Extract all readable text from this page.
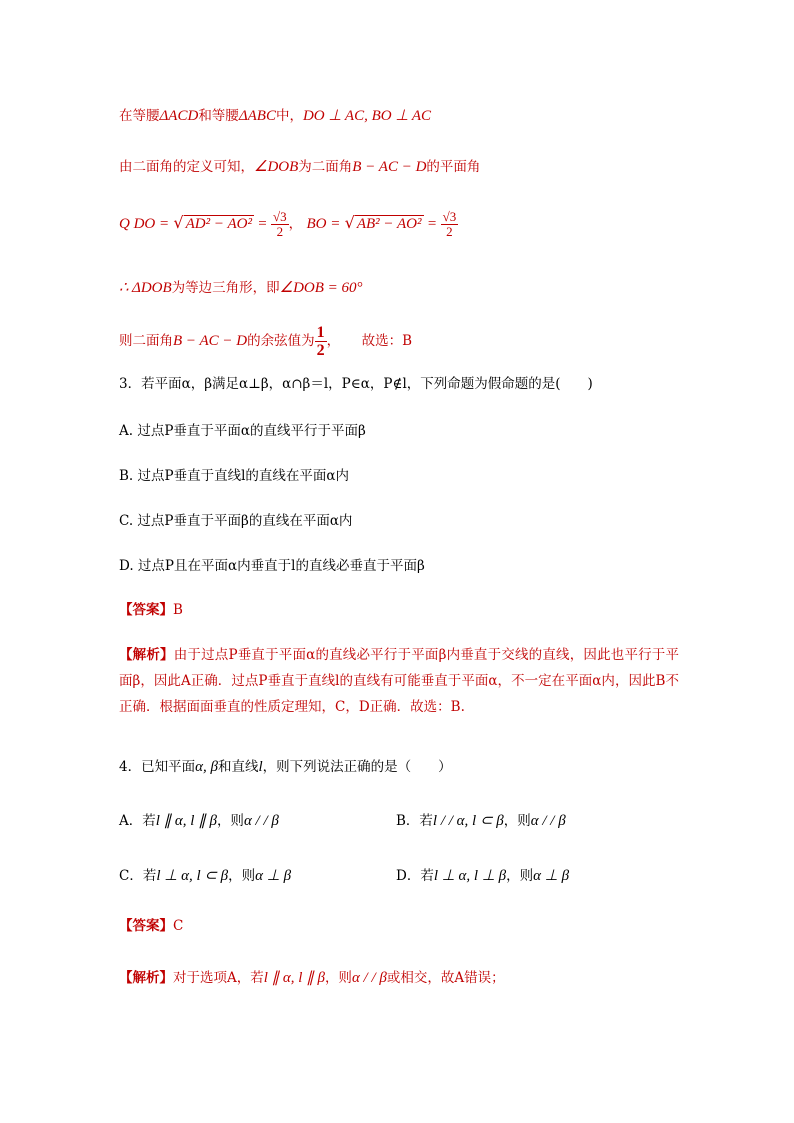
在等腰ΔACD和等腰ΔABC中，DO ⊥ AC, BO ⊥ AC
由二面角的定义可知，∠DOB为二面角B − AC − D的平面角
Q DO = √ $AD^2 - AO^2 = \frac{√3}{2}$ ， BO = √ $AB^2 - AO^2 = \frac{√3}{2}$
∴ ΔDOB为等边三角形，即∠DOB = 60°
则二面角B − AC − D的余弦值为 $\frac{1}{2}$ ， 故选：B
3．若平面α，β满足α⊥β，α∩β＝l，P∈α，P∉l，下列命题为假命题的是(　　)
A. 过点P垂直于平面α的直线平行于平面β
B. 过点P垂直于直线l的直线在平面α内
C. 过点P垂直于平面β的直线在平面α内
D. 过点P且在平面α内垂直于l的直线必垂直于平面β
【答案】B
【解析】由于过点P垂直于平面α的直线必平行于平面β内垂直于交线的直线，因此也平行于平面β，因此A正确．过点P垂直于直线l的直线有可能垂直于平面α，不一定在平面α内，因此B不正确．根据面面垂直的性质定理知，C，D正确．故选：B.
4．已知平面α, β和直线l，则下列说法正确的是（　　）
A．若l ∥ α, l ∥ β，则α / / β	B．若l / / α, l ⊂ β，则α / / β
C．若l ⊥ α, l ⊂ β，则α ⊥ β	D．若l ⊥ α, l ⊥ β，则α ⊥ β
【答案】C
【解析】对于选项A，若l ∥ α, l ∥ β，则α / / β或相交，故A错误；
